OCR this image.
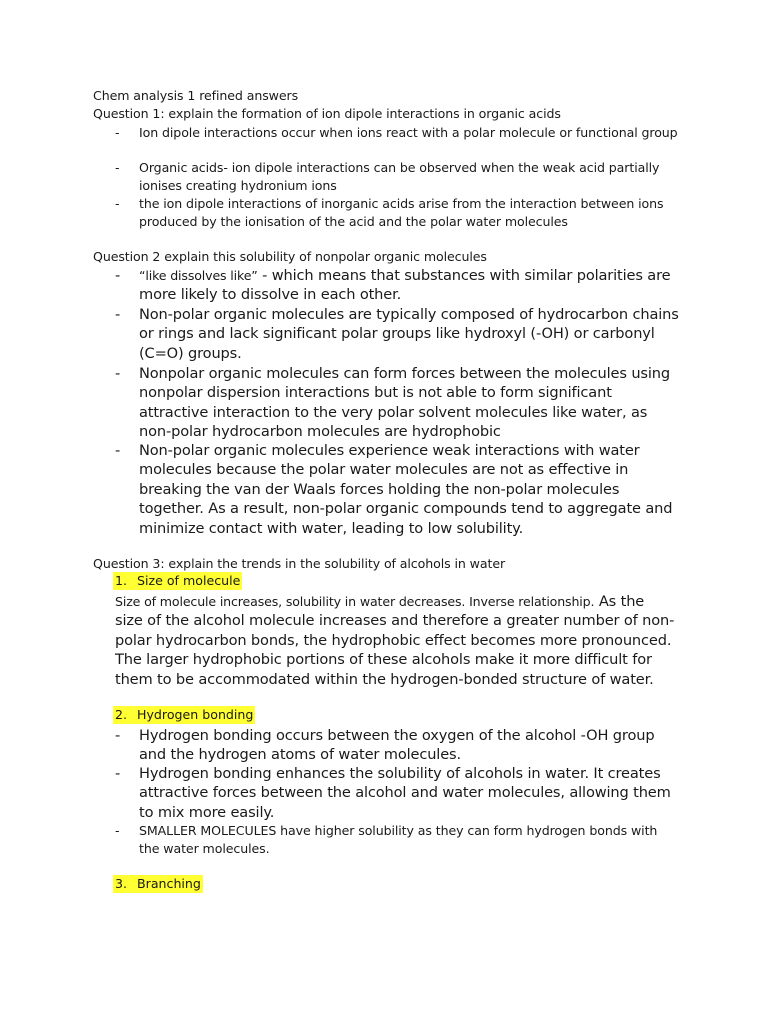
Chem analysis 1 refined answers
Question 1: explain the formation of ion dipole interactions in organic acids
- Ion dipole interactions occur when ions react with a polar molecule or functional group
- Organic acids- ion dipole interactions can be observed when the weak acid partially ionises creating hydronium ions
- the ion dipole interactions of inorganic acids arise from the interaction between ions produced by the ionisation of the acid and the polar water molecules
Question 2 explain this solubility of nonpolar organic molecules
- “like dissolves like” - which means that substances with similar polarities are more likely to dissolve in each other.
- Non-polar organic molecules are typically composed of hydrocarbon chains or rings and lack significant polar groups like hydroxyl (-OH) or carbonyl (C=O) groups.
- Nonpolar organic molecules can form forces between the molecules using nonpolar dispersion interactions but is not able to form significant attractive interaction to the very polar solvent molecules like water, as non-polar hydrocarbon molecules are hydrophobic
- Non-polar organic molecules experience weak interactions with water molecules because the polar water molecules are not as effective in breaking the van der Waals forces holding the non-polar molecules together. As a result, non-polar organic compounds tend to aggregate and minimize contact with water, leading to low solubility.
Question 3: explain the trends in the solubility of alcohols in water
1. Size of molecule
Size of molecule increases, solubility in water decreases. Inverse relationship. As the size of the alcohol molecule increases and therefore a greater number of non-polar hydrocarbon bonds, the hydrophobic effect becomes more pronounced. The larger hydrophobic portions of these alcohols make it more difficult for them to be accommodated within the hydrogen-bonded structure of water.
2. Hydrogen bonding
- Hydrogen bonding occurs between the oxygen of the alcohol -OH group and the hydrogen atoms of water molecules.
- Hydrogen bonding enhances the solubility of alcohols in water. It creates attractive forces between the alcohol and water molecules, allowing them to mix more easily.
- SMALLER MOLECULES have higher solubility as they can form hydrogen bonds with the water molecules.
3. Branching
